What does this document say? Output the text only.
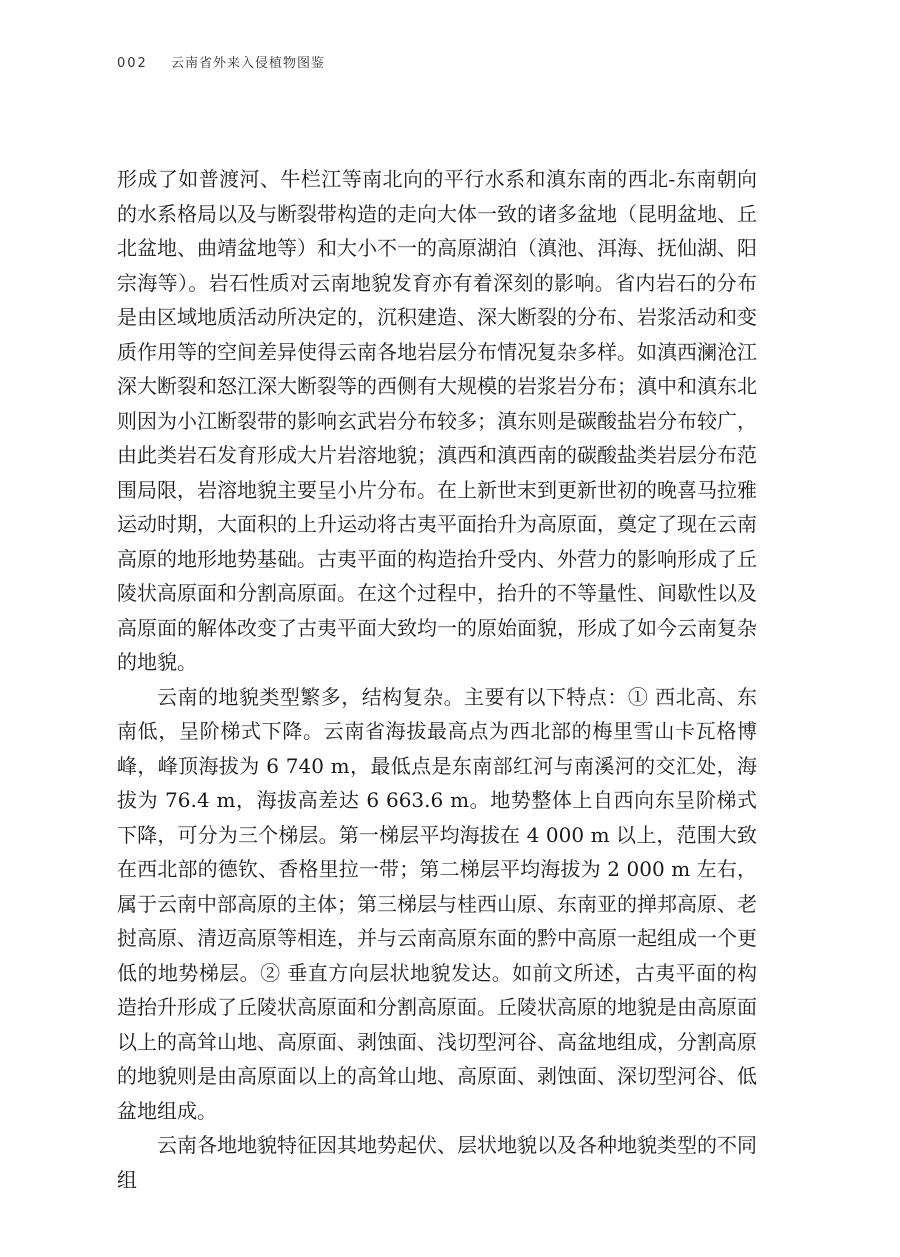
002 云南省外来入侵植物图鉴

形成了如普渡河、牛栏江等南北向的平行水系和滇东南的西北-东南朝向的水系格局以及与断裂带构造的走向大体一致的诸多盆地（昆明盆地、丘北盆地、曲靖盆地等）和大小不一的高原湖泊（滇池、洱海、抚仙湖、阳宗海等）。岩石性质对云南地貌发育亦有着深刻的影响。省内岩石的分布是由区域地质活动所决定的，沉积建造、深大断裂的分布、岩浆活动和变质作用等的空间差异使得云南各地岩层分布情况复杂多样。如滇西澜沧江深大断裂和怒江深大断裂等的西侧有大规模的岩浆岩分布；滇中和滇东北则因为小江断裂带的影响玄武岩分布较多；滇东则是碳酸盐岩分布较广，由此类岩石发育形成大片岩溶地貌；滇西和滇西南的碳酸盐类岩层分布范围局限，岩溶地貌主要呈小片分布。在上新世末到更新世初的晚喜马拉雅运动时期，大面积的上升运动将古夷平面抬升为高原面，奠定了现在云南高原的地形地势基础。古夷平面的构造抬升受内、外营力的影响形成了丘陵状高原面和分割高原面。在这个过程中，抬升的不等量性、间歇性以及高原面的解体改变了古夷平面大致均一的原始面貌，形成了如今云南复杂的地貌。

云南的地貌类型繁多，结构复杂。主要有以下特点：① 西北高、东南低，呈阶梯式下降。云南省海拔最高点为西北部的梅里雪山卡瓦格博峰，峰顶海拔为 6 740 m，最低点是东南部红河与南溪河的交汇处，海拔为 76.4 m，海拔高差达 6 663.6 m。地势整体上自西向东呈阶梯式下降，可分为三个梯层。第一梯层平均海拔在 4 000 m 以上，范围大致在西北部的德钦、香格里拉一带；第二梯层平均海拔为 2 000 m 左右，属于云南中部高原的主体；第三梯层与桂西山原、东南亚的掸邦高原、老挝高原、清迈高原等相连，并与云南高原东面的黔中高原一起组成一个更低的地势梯层。② 垂直方向层状地貌发达。如前文所述，古夷平面的构造抬升形成了丘陵状高原面和分割高原面。丘陵状高原的地貌是由高原面以上的高耸山地、高原面、剥蚀面、浅切型河谷、高盆地组成，分割高原的地貌则是由高原面以上的高耸山地、高原面、剥蚀面、深切型河谷、低盆地组成。

云南各地地貌特征因其地势起伏、层状地貌以及各种地貌类型的不同组
